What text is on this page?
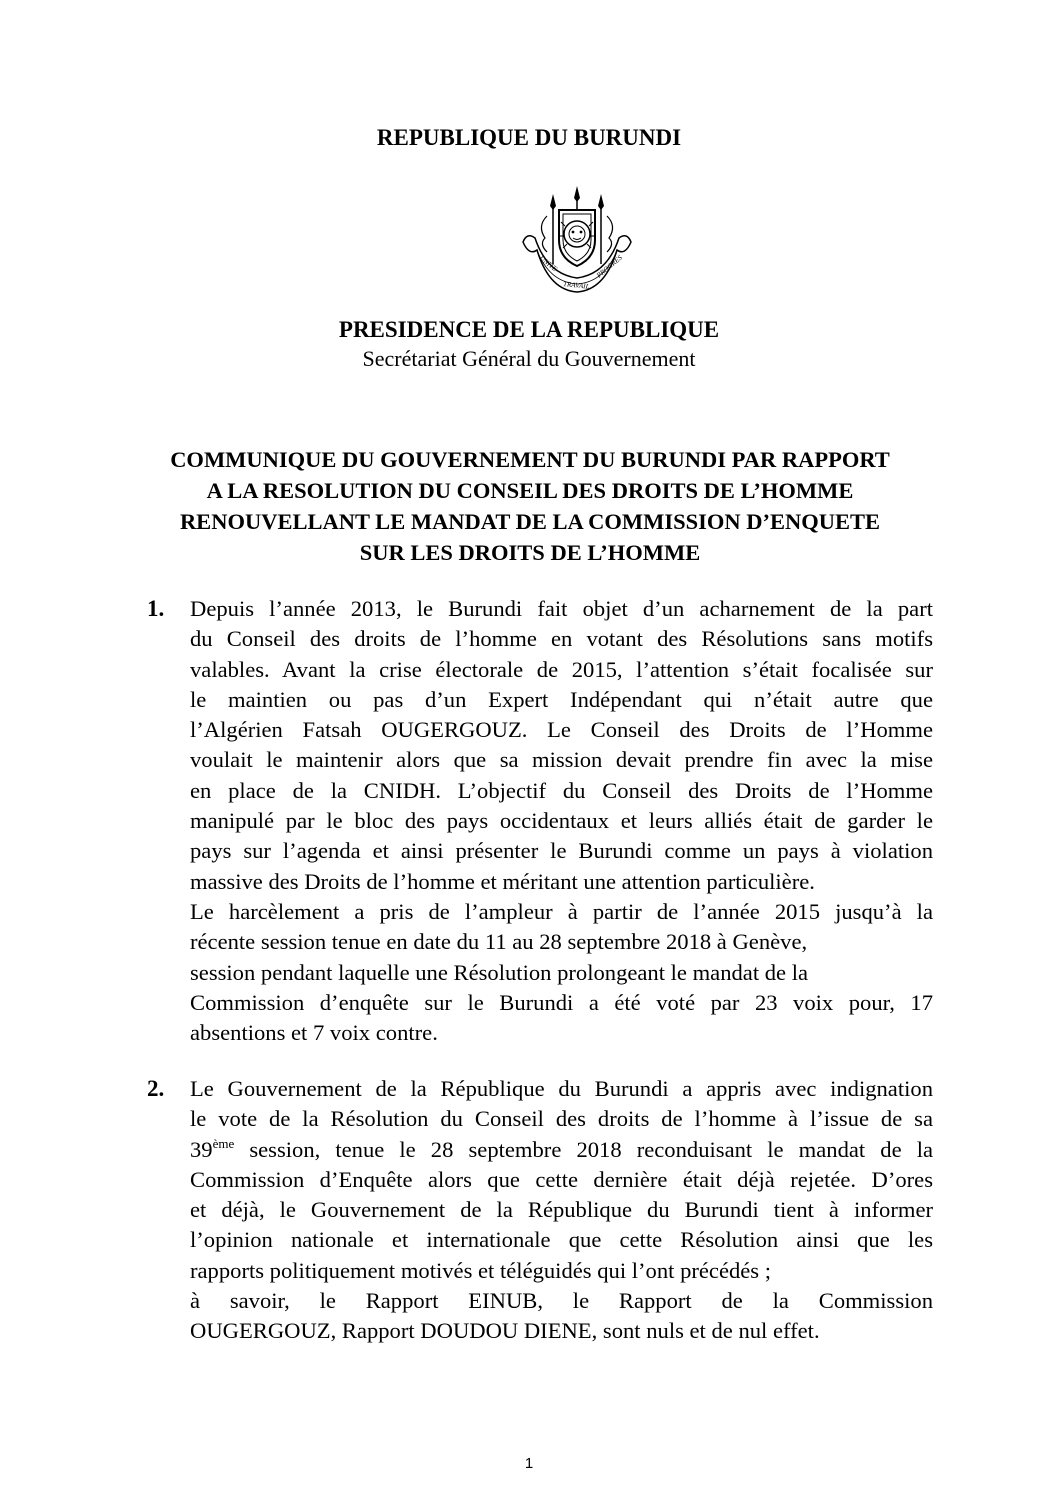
REPUBLIQUE DU BURUNDI
UNITE
TRAVAIL
PROGRES
PRESIDENCE DE LA REPUBLIQUE
Secrétariat Général du Gouvernement
COMMUNIQUE DU GOUVERNEMENT DU BURUNDI PAR RAPPORT
A LA RESOLUTION DU CONSEIL DES DROITS DE L’HOMME
RENOUVELLANT LE MANDAT DE LA COMMISSION D’ENQUETE
SUR LES DROITS DE L’HOMME
1. Depuis l’année 2013, le Burundi fait objet d’un acharnement de la part
du Conseil des droits de l’homme en votant des Résolutions sans motifs
valables. Avant la crise électorale de 2015, l’attention s’était focalisée sur
le maintien ou pas d’un Expert Indépendant qui n’était autre que
l’Algérien Fatsah OUGERGOUZ. Le Conseil des Droits de l’Homme
voulait le maintenir alors que sa mission devait prendre fin avec la mise
en place de la CNIDH. L’objectif du Conseil des Droits de l’Homme
manipulé par le bloc des pays occidentaux et leurs alliés était de garder le
pays sur l’agenda et ainsi présenter le Burundi comme un pays à violation
massive des Droits de l’homme et méritant une attention particulière.
Le harcèlement a pris de l’ampleur à partir de l’année 2015 jusqu’à la
récente session tenue en date du 11 au 28 septembre 2018 à Genève,
session pendant laquelle une Résolution prolongeant le mandat de la
Commission d’enquête sur le Burundi a été voté par 23 voix pour, 17
absentions et 7 voix contre.
2. Le Gouvernement de la République du Burundi a appris avec indignation
le vote de la Résolution du Conseil des droits de l’homme à l’issue de sa
39ème session, tenue le 28 septembre 2018 reconduisant le mandat de la
Commission d’Enquête alors que cette dernière était déjà rejetée. D’ores
et déjà, le Gouvernement de la République du Burundi tient à informer
l’opinion nationale et internationale que cette Résolution ainsi que les
rapports politiquement motivés et téléguidés qui l’ont précédés ;
à savoir, le Rapport EINUB, le Rapport de la Commission
OUGERGOUZ, Rapport DOUDOU DIENE, sont nuls et de nul effet.
1
